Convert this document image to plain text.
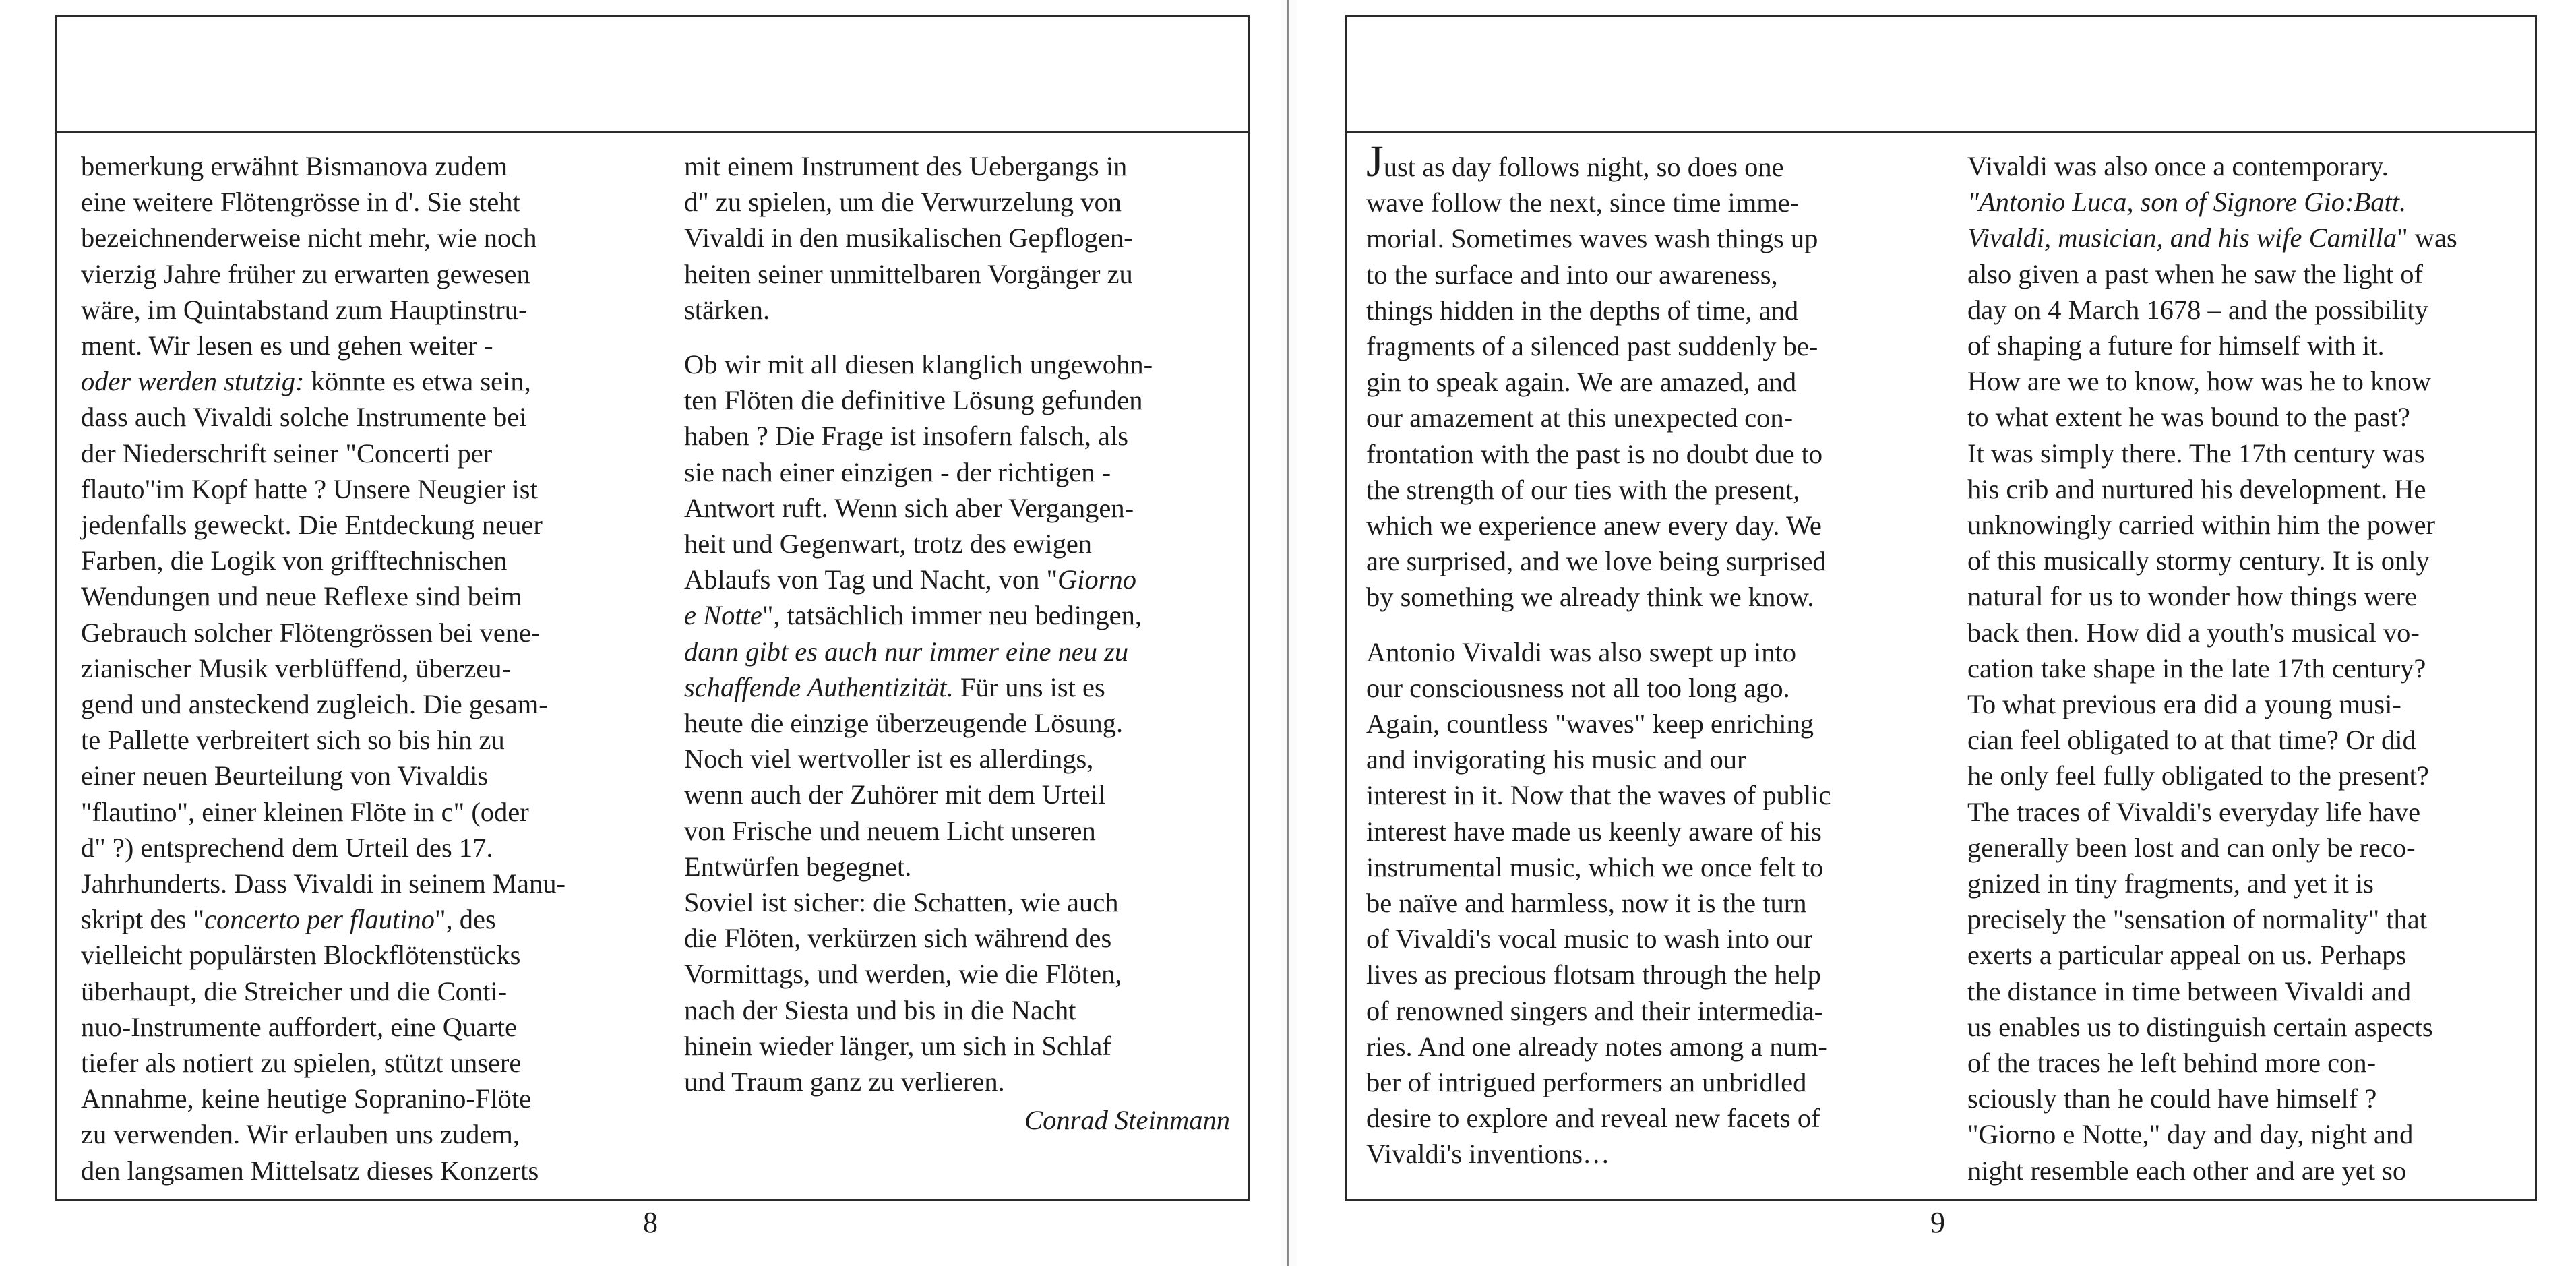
bemerkung erwähnt Bismanova zudem
eine weitere Flötengrösse in d'. Sie steht
bezeichnenderweise nicht mehr, wie noch
vierzig Jahre früher zu erwarten gewesen
wäre, im Quintabstand zum Hauptinstru-
ment. Wir lesen es und gehen weiter -
oder werden stutzig: könnte es etwa sein,
dass auch Vivaldi solche Instrumente bei
der Niederschrift seiner "Concerti per
flauto"im Kopf hatte ? Unsere Neugier ist
jedenfalls geweckt. Die Entdeckung neuer
Farben, die Logik von grifftechnischen
Wendungen und neue Reflexe sind beim
Gebrauch solcher Flötengrössen bei vene-
zianischer Musik verblüffend, überzeu-
gend und ansteckend zugleich. Die gesam-
te Pallette verbreitert sich so bis hin zu
einer neuen Beurteilung von Vivaldis
"flautino", einer kleinen Flöte in c" (oder
d" ?) entsprechend dem Urteil des 17.
Jahrhunderts. Dass Vivaldi in seinem Manu-
skript des "concerto per flautino", des
vielleicht populärsten Blockflötenstücks
überhaupt, die Streicher und die Conti-
nuo-Instrumente auffordert, eine Quarte
tiefer als notiert zu spielen, stützt unsere
Annahme, keine heutige Sopranino-Flöte
zu verwenden. Wir erlauben uns zudem,
den langsamen Mittelsatz dieses Konzerts
mit einem Instrument des Uebergangs in
d" zu spielen, um die Verwurzelung von
Vivaldi in den musikalischen Gepflogen-
heiten seiner unmittelbaren Vorgänger zu
stärken.
Ob wir mit all diesen klanglich ungewohn-
ten Flöten die definitive Lösung gefunden
haben ? Die Frage ist insofern falsch, als
sie nach einer einzigen - der richtigen -
Antwort ruft. Wenn sich aber Vergangen-
heit und Gegenwart, trotz des ewigen
Ablaufs von Tag und Nacht, von "Giorno
e Notte", tatsächlich immer neu bedingen,
dann gibt es auch nur immer eine neu zu
schaffende Authentizität. Für uns ist es
heute die einzige überzeugende Lösung.
Noch viel wertvoller ist es allerdings,
wenn auch der Zuhörer mit dem Urteil
von Frische und neuem Licht unseren
Entwürfen begegnet.
Soviel ist sicher: die Schatten, wie auch
die Flöten, verkürzen sich während des
Vormittags, und werden, wie die Flöten,
nach der Siesta und bis in die Nacht
hinein wieder länger, um sich in Schlaf
und Traum ganz zu verlieren.
Conrad Steinmann
8
Just as day follows night, so does one
wave follow the next, since time imme-
morial. Sometimes waves wash things up
to the surface and into our awareness,
things hidden in the depths of time, and
fragments of a silenced past suddenly be-
gin to speak again. We are amazed, and
our amazement at this unexpected con-
frontation with the past is no doubt due to
the strength of our ties with the present,
which we experience anew every day. We
are surprised, and we love being surprised
by something we already think we know.
Antonio Vivaldi was also swept up into
our consciousness not all too long ago.
Again, countless "waves" keep enriching
and invigorating his music and our
interest in it. Now that the waves of public
interest have made us keenly aware of his
instrumental music, which we once felt to
be naïve and harmless, now it is the turn
of Vivaldi's vocal music to wash into our
lives as precious flotsam through the help
of renowned singers and their intermedia-
ries. And one already notes among a num-
ber of intrigued performers an unbridled
desire to explore and reveal new facets of
Vivaldi's inventions…
Vivaldi was also once a contemporary.
"Antonio Luca, son of Signore Gio:Batt.
Vivaldi, musician, and his wife Camilla" was
also given a past when he saw the light of
day on 4 March 1678 – and the possibility
of shaping a future for himself with it.
How are we to know, how was he to know
to what extent he was bound to the past?
It was simply there. The 17th century was
his crib and nurtured his development. He
unknowingly carried within him the power
of this musically stormy century. It is only
natural for us to wonder how things were
back then. How did a youth's musical vo-
cation take shape in the late 17th century?
To what previous era did a young musi-
cian feel obligated to at that time? Or did
he only feel fully obligated to the present?
The traces of Vivaldi's everyday life have
generally been lost and can only be reco-
gnized in tiny fragments, and yet it is
precisely the "sensation of normality" that
exerts a particular appeal on us. Perhaps
the distance in time between Vivaldi and
us enables us to distinguish certain aspects
of the traces he left behind more con-
sciously than he could have himself ?
"Giorno e Notte," day and day, night and
night resemble each other and are yet so
9
